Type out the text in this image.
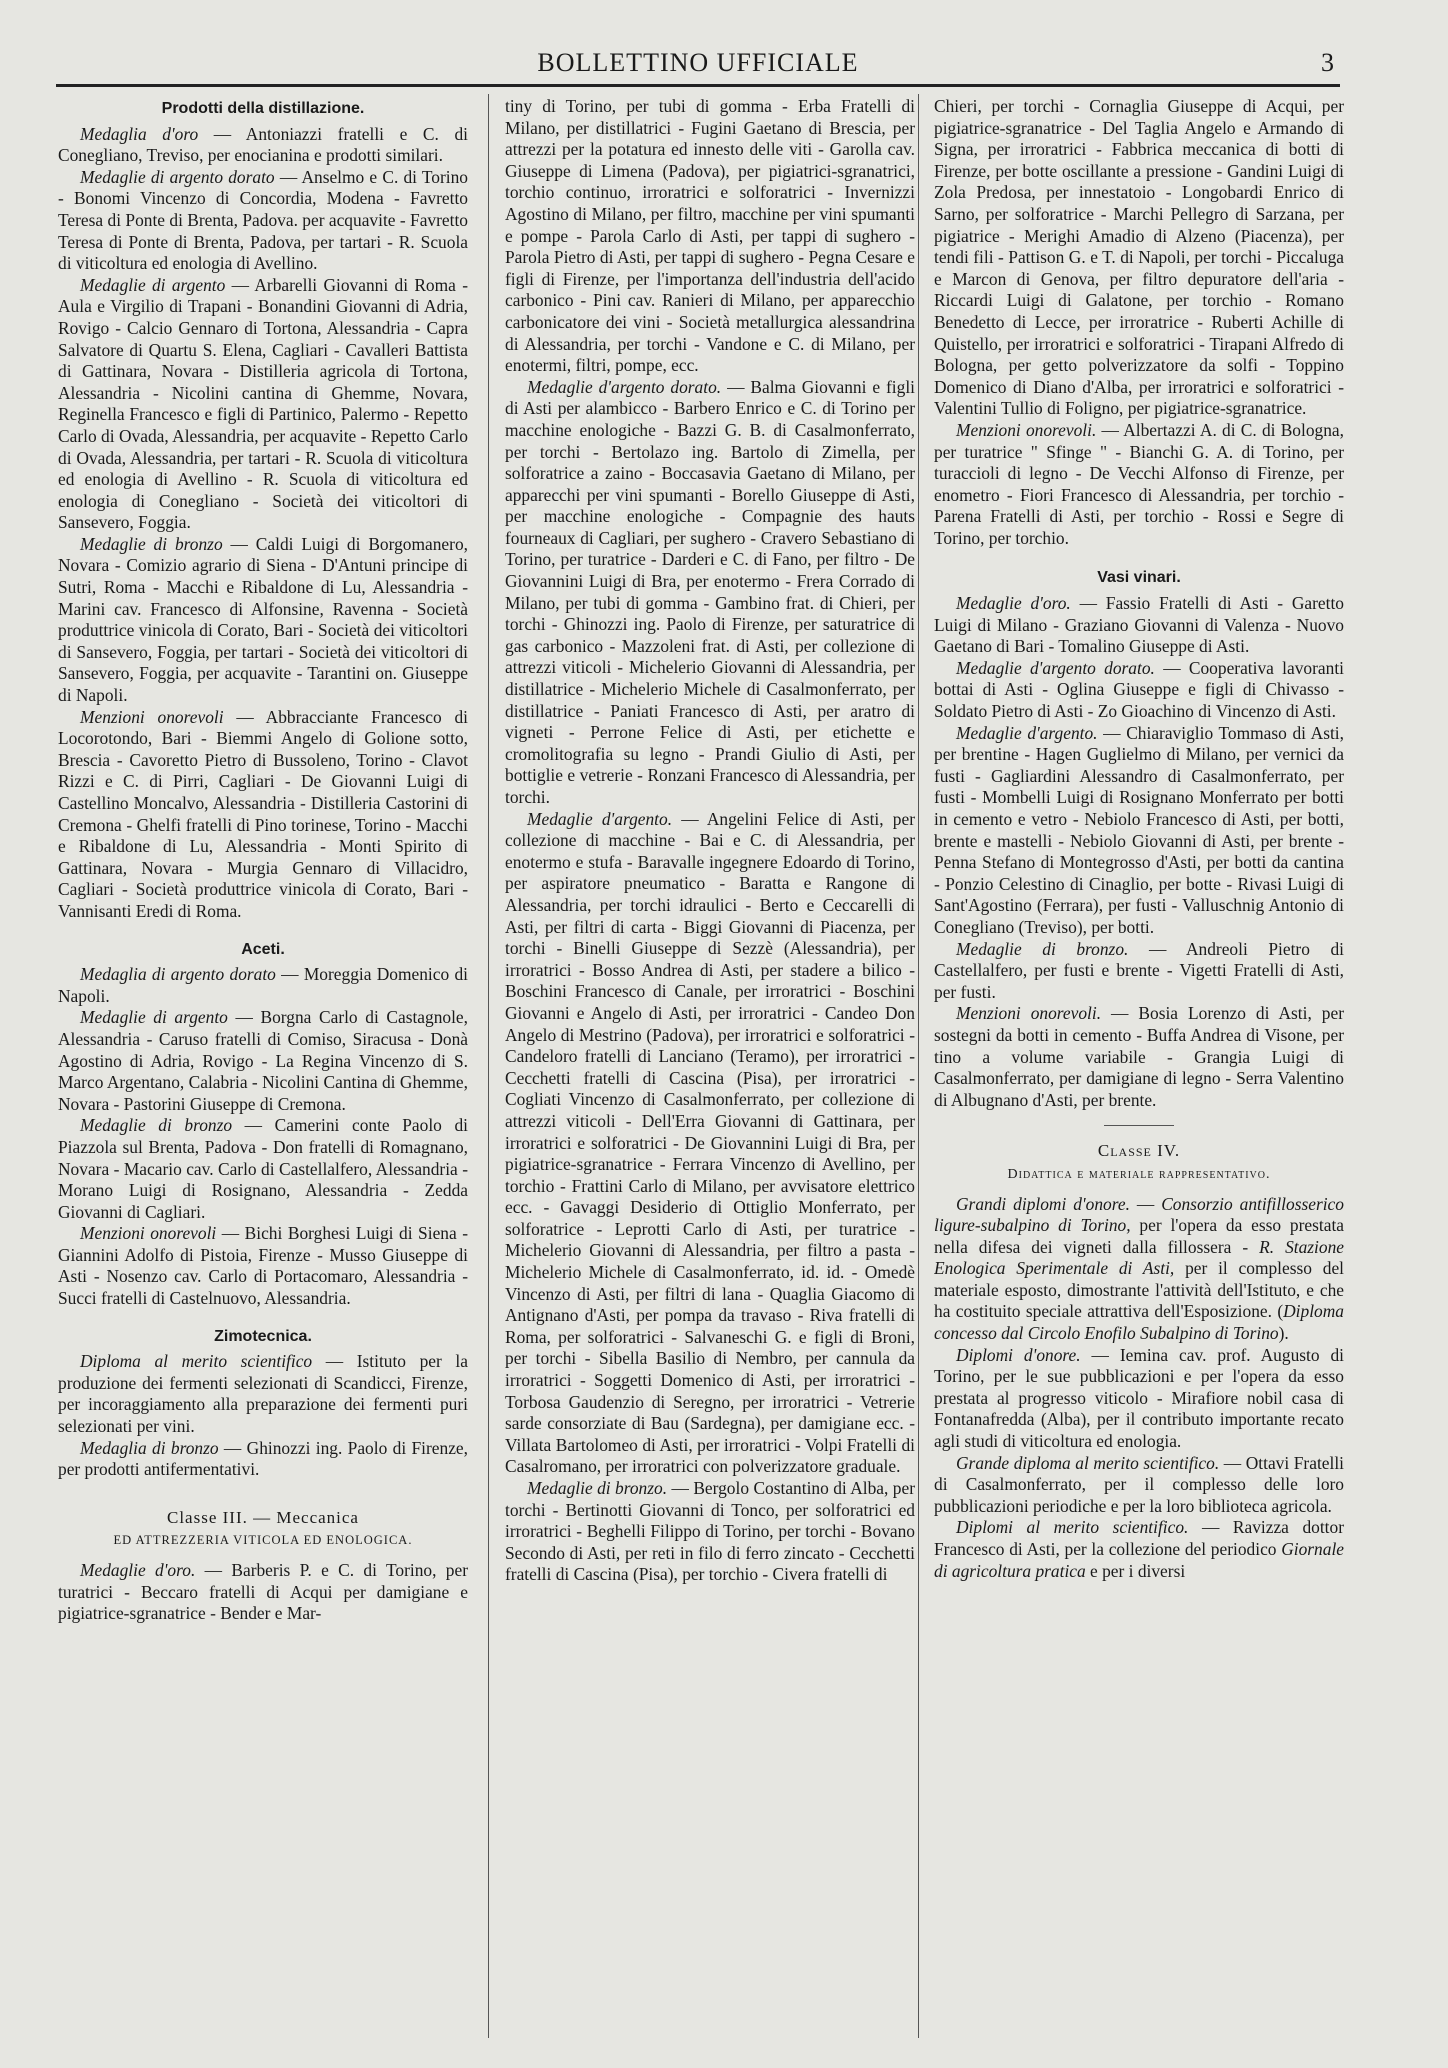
BOLLETTINO UFFICIALE	3
Prodotti della distillazione.

Medaglia d'oro — Antoniazzi fratelli e C. di Conegliano, Treviso, per enocianina e prodotti similari.

Medaglie di argento dorato — Anselmo e C. di Torino - Bonomi Vincenzo di Concordia, Modena - Favretto Teresa di Ponte di Brenta, Padova. per acquavite - Favretto Teresa di Ponte di Brenta, Padova, per tartari - R. Scuola di viticoltura ed enologia di Avellino.

Medaglie di argento — Arbarelli Giovanni di Roma - Aula e Virgilio di Trapani - Bonandini Giovanni di Adria, Rovigo - Calcio Gennaro di Tortona, Alessandria - Capra Salvatore di Quartu S. Elena, Cagliari - Cavalleri Battista di Gattinara, Novara - Distilleria agricola di Tortona, Alessandria - Nicolini cantina di Ghemme, Novara, Reginella Francesco e figli di Partinico, Palermo - Repetto Carlo di Ovada, Alessandria, per acquavite - Repetto Carlo di Ovada, Alessandria, per tartari - R. Scuola di viticoltura ed enologia di Avellino - R. Scuola di viticoltura ed enologia di Conegliano - Società dei viticoltori di Sansevero, Foggia.

Medaglie di bronzo — Caldi Luigi di Borgomanero, Novara - Comizio agrario di Siena - D'Antuni principe di Sutri, Roma - Macchi e Ribaldone di Lu, Alessandria - Marini cav. Francesco di Alfonsine, Ravenna - Società produttrice vinicola di Corato, Bari - Società dei viticoltori di Sansevero, Foggia, per tartari - Società dei viticoltori di Sansevero, Foggia, per acquavite - Tarantini on. Giuseppe di Napoli.

Menzioni onorevoli — Abbracciante Francesco di Locorotondo, Bari - Biemmi Angelo di Golione sotto, Brescia - Cavoretto Pietro di Bussoleno, Torino - Clavot Rizzi e C. di Pirri, Cagliari - De Giovanni Luigi di Castellino Moncalvo, Alessandria - Distilleria Castorini di Cremona - Ghelfi fratelli di Pino torinese, Torino - Macchi e Ribaldone di Lu, Alessandria - Monti Spirito di Gattinara, Novara - Murgia Gennaro di Villacidro, Cagliari - Società produttrice vinicola di Corato, Bari - Vannisanti Eredi di Roma.

Aceti.

Medaglia di argento dorato — Moreggia Domenico di Napoli.

Medaglie di argento — Borgna Carlo di Castagnole, Alessandria - Caruso fratelli di Comiso, Siracusa - Donà Agostino di Adria, Rovigo - La Regina Vincenzo di S. Marco Argentano, Calabria - Nicolini Cantina di Ghemme, Novara - Pastorini Giuseppe di Cremona.

Medaglie di bronzo — Camerini conte Paolo di Piazzola sul Brenta, Padova - Don fratelli di Romagnano, Novara - Macario cav. Carlo di Castellalfero, Alessandria - Morano Luigi di Rosignano, Alessandria - Zedda Giovanni di Cagliari.

Menzioni onorevoli — Bichi Borghesi Luigi di Siena - Giannini Adolfo di Pistoia, Firenze - Musso Giuseppe di Asti - Nosenzo cav. Carlo di Portacomaro, Alessandria - Succi fratelli di Castelnuovo, Alessandria.

Zimotecnica.

Diploma al merito scientifico — Istituto per la produzione dei fermenti selezionati di Scandicci, Firenze, per incoraggiamento alla preparazione dei fermenti puri selezionati per vini.

Medaglia di bronzo — Ghinozzi ing. Paolo di Firenze, per prodotti antifermentativi.

Classe III. — Meccanica
ED ATTREZZERIA VITICOLA ED ENOLOGICA.

Medaglie d'oro. — Barberis P. e C. di Torino, per turatrici - Beccaro fratelli di Acqui per damigiane e pigiatrice-sgranatrice - Bender e Mar-

tiny di Torino, per tubi di gomma - Erba Fratelli di Milano, per distillatrici - Fugini Gaetano di Brescia, per attrezzi per la potatura ed innesto delle viti - Garolla cav. Giuseppe di Limena (Padova), per pigiatrici-sgranatrici, torchio continuo, irroratrici e solforatrici - Invernizzi Agostino di Milano, per filtro, macchine per vini spumanti e pompe - Parola Carlo di Asti, per tappi di sughero - Parola Pietro di Asti, per tappi di sughero - Pegna Cesare e figli di Firenze, per l'importanza dell'industria dell'acido carbonico - Pini cav. Ranieri di Milano, per apparecchio carbonicatore dei vini - Società metallurgica alessandrina di Alessandria, per torchi - Vandone e C. di Milano, per enotermi, filtri, pompe, ecc.

Medaglie d'argento dorato. — Balma Giovanni e figli di Asti per alambicco - Barbero Enrico e C. di Torino per macchine enologiche - Bazzi G. B. di Casalmonferrato, per torchi - Bertolazo ing. Bartolo di Zimella, per solforatrice a zaino - Boccasavia Gaetano di Milano, per apparecchi per vini spumanti - Borello Giuseppe di Asti, per macchine enologiche - Compagnie des hauts fourneaux di Cagliari, per sughero - Cravero Sebastiano di Torino, per turatrice - Darderi e C. di Fano, per filtro - De Giovannini Luigi di Bra, per enotermo - Frera Corrado di Milano, per tubi di gomma - Gambino frat. di Chieri, per torchi - Ghinozzi ing. Paolo di Firenze, per saturatrice di gas carbonico - Mazzoleni frat. di Asti, per collezione di attrezzi viticoli - Michelerio Giovanni di Alessandria, per distillatrice - Michelerio Michele di Casalmonferrato, per distillatrice - Paniati Francesco di Asti, per aratro di vigneti - Perrone Felice di Asti, per etichette e cromolitografia su legno - Prandi Giulio di Asti, per bottiglie e vetrerie - Ronzani Francesco di Alessandria, per torchi.

Medaglie d'argento. — Angelini Felice di Asti, per collezione di macchine - Bai e C. di Alessandria, per enotermo e stufa - Baravalle ingegnere Edoardo di Torino, per aspiratore pneumatico - Baratta e Rangone di Alessandria, per torchi idraulici - Berto e Ceccarelli di Asti, per filtri di carta - Biggi Giovanni di Piacenza, per torchi - Binelli Giuseppe di Sezzè (Alessandria), per irroratrici - Bosso Andrea di Asti, per stadere a bilico - Boschini Francesco di Canale, per irroratrici - Boschini Giovanni e Angelo di Asti, per irroratrici - Candeo Don Angelo di Mestrino (Padova), per irroratrici e solforatrici - Candeloro fratelli di Lanciano (Teramo), per irroratrici - Cecchetti fratelli di Cascina (Pisa), per irroratrici - Cogliati Vincenzo di Casalmonferrato, per collezione di attrezzi viticoli - Dell'Erra Giovanni di Gattinara, per irroratrici e solforatrici - De Giovannini Luigi di Bra, per pigiatrice-sgranatrice - Ferrara Vincenzo di Avellino, per torchio - Frattini Carlo di Milano, per avvisatore elettrico ecc. - Gavaggi Desiderio di Ottiglio Monferrato, per solforatrice - Leprotti Carlo di Asti, per turatrice - Michelerio Giovanni di Alessandria, per filtro a pasta - Michelerio Michele di Casalmonferrato, id. id. - Omedè Vincenzo di Asti, per filtri di lana - Quaglia Giacomo di Antignano d'Asti, per pompa da travaso - Riva fratelli di Roma, per solforatrici - Salvaneschi G. e figli di Broni, per torchi - Sibella Basilio di Nembro, per cannula da irroratrici - Soggetti Domenico di Asti, per irroratrici - Torbosa Gaudenzio di Seregno, per irroratrici - Vetrerie sarde consorziate di Bau (Sardegna), per damigiane ecc. - Villata Bartolomeo di Asti, per irroratrici - Volpi Fratelli di Casalromano, per irroratrici con polverizzatore graduale.

Medaglie di bronzo. — Bergolo Costantino di Alba, per torchi - Bertinotti Giovanni di Tonco, per solforatrici ed irroratrici - Beghelli Filippo di Torino, per torchi - Bovano Secondo di Asti, per reti in filo di ferro zincato - Cecchetti fratelli di Cascina (Pisa), per torchio - Civera fratelli di

Chieri, per torchi - Cornaglia Giuseppe di Acqui, per pigiatrice-sgranatrice - Del Taglia Angelo e Armando di Signa, per irroratrici - Fabbrica meccanica di botti di Firenze, per botte oscillante a pressione - Gandini Luigi di Zola Predosa, per innestatoio - Longobardi Enrico di Sarno, per solforatrice - Marchi Pellegro di Sarzana, per pigiatrice - Merighi Amadio di Alzeno (Piacenza), per tendi fili - Pattison G. e T. di Napoli, per torchi - Piccaluga e Marcon di Genova, per filtro depuratore dell'aria - Riccardi Luigi di Galatone, per torchio - Romano Benedetto di Lecce, per irroratrice - Ruberti Achille di Quistello, per irroratrici e solforatrici - Tirapani Alfredo di Bologna, per getto polverizzatore da solfi - Toppino Domenico di Diano d'Alba, per irroratrici e solforatrici - Valentini Tullio di Foligno, per pigiatrice-sgranatrice.

Menzioni onorevoli. — Albertazzi A. di C. di Bologna, per turatrice " Sfinge " - Bianchi G. A. di Torino, per turaccioli di legno - De Vecchi Alfonso di Firenze, per enometro - Fiori Francesco di Alessandria, per torchio - Parena Fratelli di Asti, per torchio - Rossi e Segre di Torino, per torchio.

Vasi vinari.

Medaglie d'oro. — Fassio Fratelli di Asti - Garetto Luigi di Milano - Graziano Giovanni di Valenza - Nuovo Gaetano di Bari - Tomalino Giuseppe di Asti.

Medaglie d'argento dorato. — Cooperativa lavoranti bottai di Asti - Oglina Giuseppe e figli di Chivasso - Soldato Pietro di Asti - Zo Gioachino di Vincenzo di Asti.

Medaglie d'argento. — Chiaraviglio Tommaso di Asti, per brentine - Hagen Guglielmo di Milano, per vernici da fusti - Gagliardini Alessandro di Casalmonferrato, per fusti - Mombelli Luigi di Rosignano Monferrato per botti in cemento e vetro - Nebiolo Francesco di Asti, per botti, brente e mastelli - Nebiolo Giovanni di Asti, per brente - Penna Stefano di Montegrosso d'Asti, per botti da cantina - Ponzio Celestino di Cinaglio, per botte - Rivasi Luigi di Sant'Agostino (Ferrara), per fusti - Valluschnig Antonio di Conegliano (Treviso), per botti.

Medaglie di bronzo. — Andreoli Pietro di Castellalfero, per fusti e brente - Vigetti Fratelli di Asti, per fusti.

Menzioni onorevoli. — Bosia Lorenzo di Asti, per sostegni da botti in cemento - Buffa Andrea di Visone, per tino a volume variabile - Grangia Luigi di Casalmonferrato, per damigiane di legno - Serra Valentino di Albugnano d'Asti, per brente.

Classe IV.
Didattica e materiale rappresentativo.

Grandi diplomi d'onore. — Consorzio antifillosserico ligure-subalpino di Torino, per l'opera da esso prestata nella difesa dei vigneti dalla fillossera - R. Stazione Enologica Sperimentale di Asti, per il complesso del materiale esposto, dimostrante l'attività dell'Istituto, e che ha costituito speciale attrattiva dell'Esposizione. (Diploma concesso dal Circolo Enofilo Subalpino di Torino).

Diplomi d'onore. — Iemina cav. prof. Augusto di Torino, per le sue pubblicazioni e per l'opera da esso prestata al progresso viticolo - Mirafiore nobil casa di Fontanafredda (Alba), per il contributo importante recato agli studi di viticoltura ed enologia.

Grande diploma al merito scientifico. — Ottavi Fratelli di Casalmonferrato, per il complesso delle loro pubblicazioni periodiche e per la loro biblioteca agricola.

Diplomi al merito scientifico. — Ravizza dottor Francesco di Asti, per la collezione del periodico Giornale di agricoltura pratica e per i diversi
